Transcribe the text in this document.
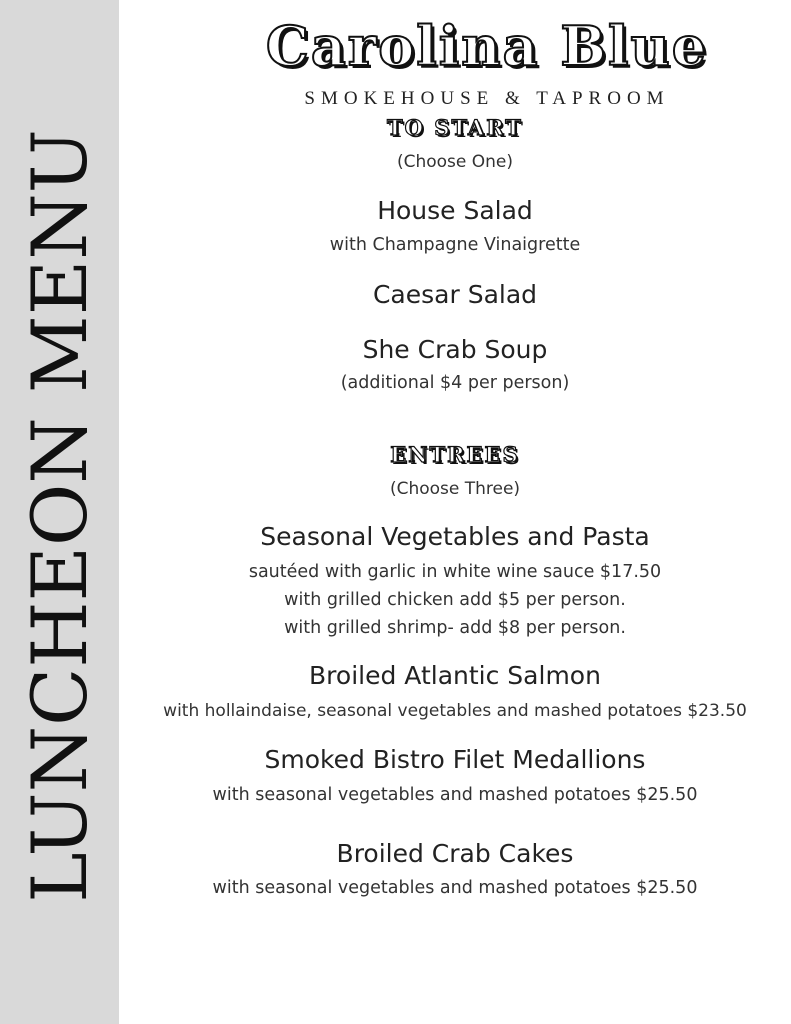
LUNCHEON MENU
Carolina Blue
SMOKEHOUSE & TAPROOM
TO START
(Choose One)
House Salad
with Champagne Vinaigrette
Caesar Salad
She Crab Soup
(additional $4 per person)
ENTREES
(Choose Three)
Seasonal Vegetables and Pasta
sautéed with garlic in white wine sauce $17.50
with grilled chicken add $5 per person.
with grilled shrimp- add $8 per person.
Broiled Atlantic Salmon
with hollaindaise, seasonal vegetables and mashed potatoes $23.50
Smoked Bistro Filet Medallions
with seasonal vegetables and mashed potatoes $25.50
Broiled Crab Cakes
with seasonal vegetables and mashed potatoes $25.50
